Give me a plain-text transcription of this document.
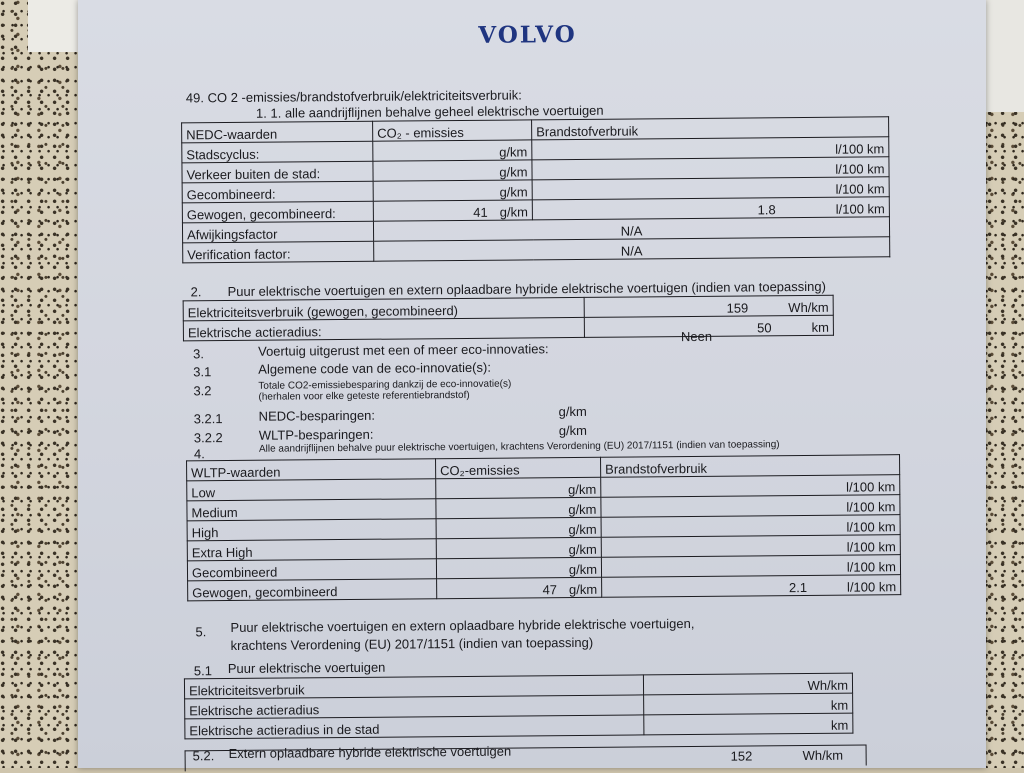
VOLVO
49. CO 2 -emissies/brandstofverbruik/elektriciteitsverbruik:
1. 1. alle aandrijflijnen behalve geheel elektrische voertuigen
NEDC-waarden	CO₂ - emissies	Brandstofverbruik
Stadscyclus:	g/km	l/100 km
Verkeer buiten de stad:	g/km	l/100 km
Gecombineerd:	g/km	l/100 km
Gewogen, gecombineerd:	41 g/km	1.8 l/100 km
Afwijkingsfactor	N/A	
Verification factor:	N/A	
2. Puur elektrische voertuigen en extern oplaadbare hybride elektrische voertuigen (indien van toepassing)
Elektriciteitsverbruik (gewogen, gecombineerd)	159 Wh/km
Elektrische actieradius:	50 km
Neen
3.	Voertuig uitgerust met een of meer eco-innovaties:
3.1	Algemene code van de eco-innovatie(s):
3.2	Totale CO2-emissiebesparing dankzij de eco-innovatie(s)
(herhalen voor elke geteste referentiebrandstof)
3.2.1	NEDC-besparingen:	g/km
3.2.2	WLTP-besparingen:	g/km
4.	Alle aandrijflijnen behalve puur elektrische voertuigen, krachtens Verordening (EU) 2017/1151 (indien van toepassing)
WLTP-waarden	CO₂-emissies	Brandstofverbruik
Low	g/km	l/100 km
Medium	g/km	l/100 km
High	g/km	l/100 km
Extra High	g/km	l/100 km
Gecombineerd	g/km	l/100 km
Gewogen, gecombineerd	47 g/km	2.1 l/100 km
5. Puur elektrische voertuigen en extern oplaadbare hybride elektrische voertuigen,
krachtens Verordening (EU) 2017/1151 (indien van toepassing)
5.1 Puur elektrische voertuigen
Elektriciteitsverbruik	Wh/km
Elektrische actieradius	km
Elektrische actieradius in de stad	km
5.2. Extern oplaadbare hybride elektrische voertuigen	152	Wh/km
